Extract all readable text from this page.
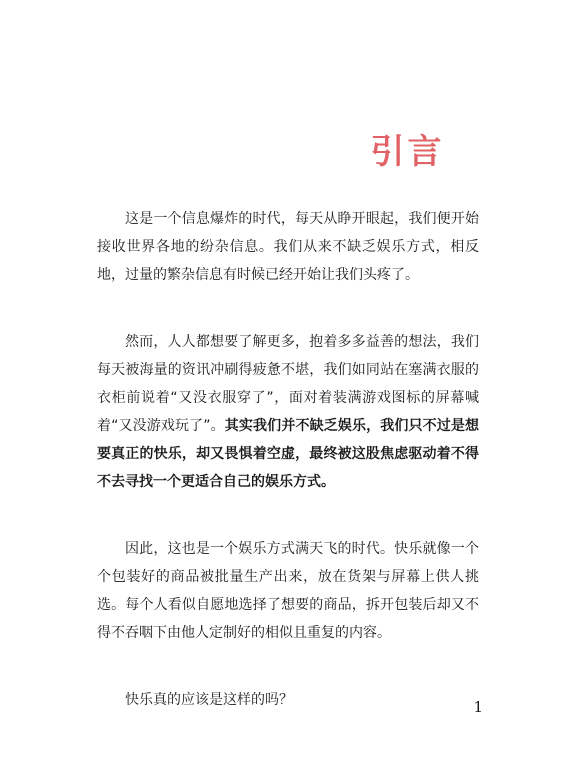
引言

这是一个信息爆炸的时代，每天从睁开眼起，我们便开始接收世界各地的纷杂信息。我们从来不缺乏娱乐方式，相反地，过量的繁杂信息有时候已经开始让我们头疼了。

然而，人人都想要了解更多，抱着多多益善的想法，我们每天被海量的资讯冲刷得疲惫不堪，我们如同站在塞满衣服的衣柜前说着“又没衣服穿了”，面对着装满游戏图标的屏幕喊着“又没游戏玩了”。其实我们并不缺乏娱乐，我们只不过是想要真正的快乐，却又畏惧着空虚，最终被这股焦虑驱动着不得不去寻找一个更适合自己的娱乐方式。

因此，这也是一个娱乐方式满天飞的时代。快乐就像一个个包装好的商品被批量生产出来，放在货架与屏幕上供人挑选。每个人看似自愿地选择了想要的商品，拆开包装后却又不得不吞咽下由他人定制好的相似且重复的内容。

快乐真的应该是这样的吗？	1
